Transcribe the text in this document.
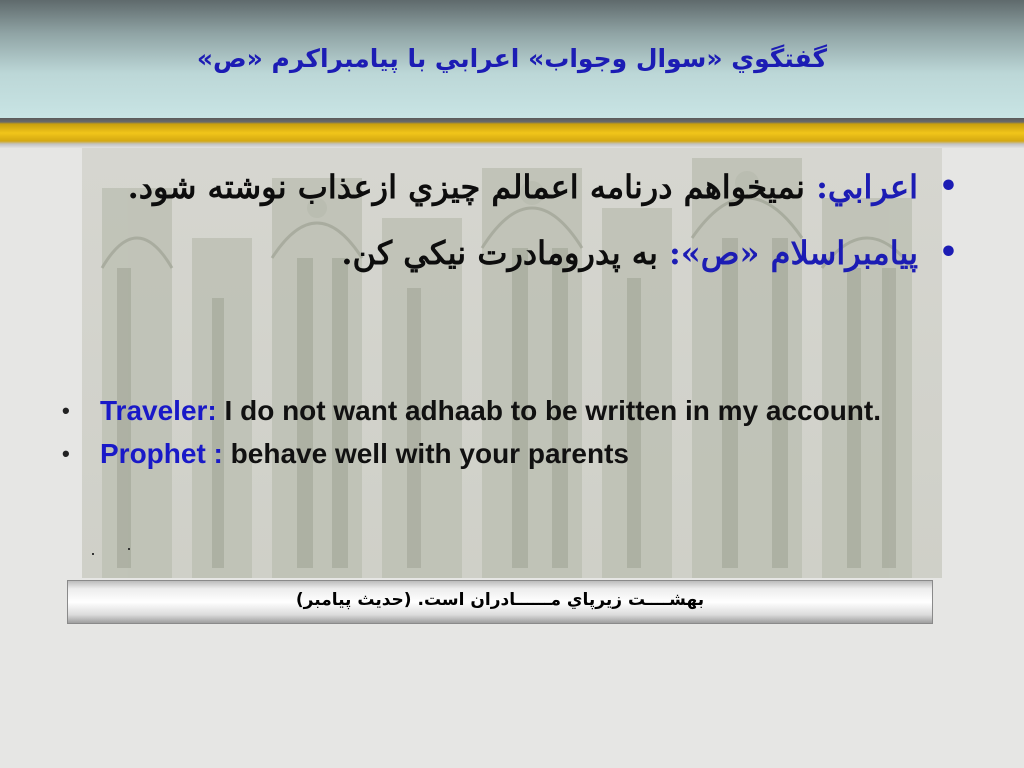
گفتگوي «سوال وجواب» اعرابي با پيامبراكرم «ص»
•
اعرابي: نميخواهم درنامه اعمالم چيزي ازعذاب نوشته شود.
•
پيامبراسلام «ص»: به پدرومادرت نيكي كن.
• Traveler: I do not want adhaab to be written in my account.
• Prophet : behave well with your parents
بهشــــت زيرپاي مــــــادران است. (حديث پيامبر)
